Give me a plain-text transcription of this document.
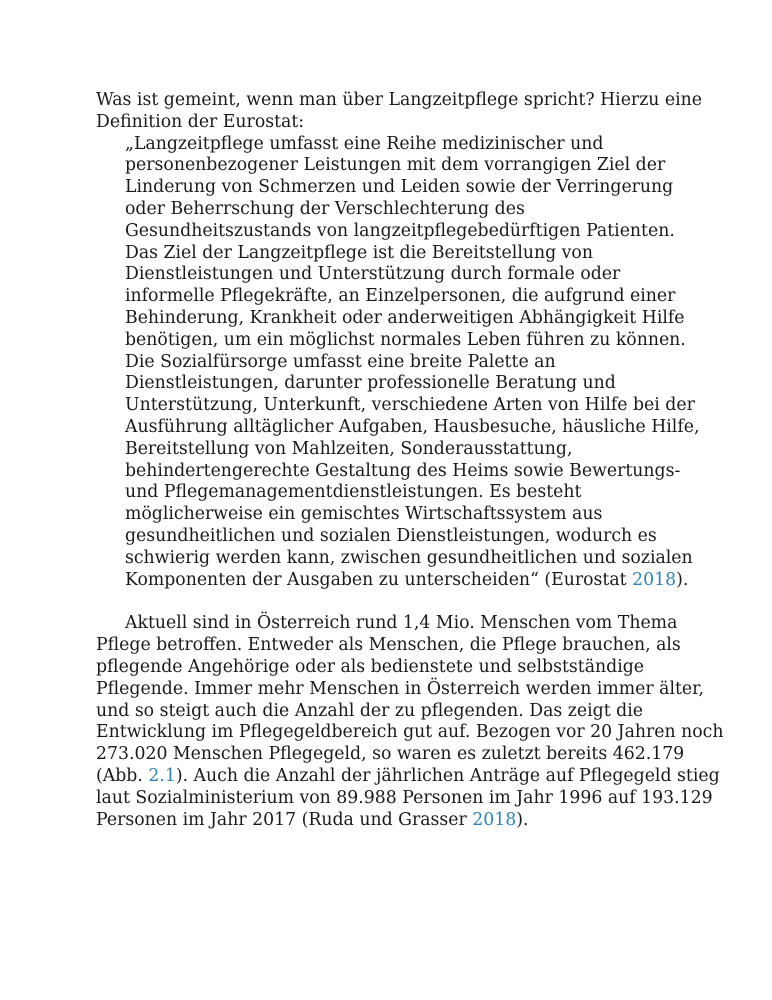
Was ist gemeint, wenn man über Langzeitpflege spricht? Hierzu eine
Definition der Eurostat:

„Langzeitpflege umfasst eine Reihe medizinischer und
personenbezogener Leistungen mit dem vorrangigen Ziel der
Linderung von Schmerzen und Leiden sowie der Verringerung
oder Beherrschung der Verschlechterung des
Gesundheitszustands von langzeitpflegebedürftigen Patienten.
Das Ziel der Langzeitpflege ist die Bereitstellung von
Dienstleistungen und Unterstützung durch formale oder
informelle Pflegekräfte, an Einzelpersonen, die aufgrund einer
Behinderung, Krankheit oder anderweitigen Abhängigkeit Hilfe
benötigen, um ein möglichst normales Leben führen zu können.
Die Sozialfürsorge umfasst eine breite Palette an
Dienstleistungen, darunter professionelle Beratung und
Unterstützung, Unterkunft, verschiedene Arten von Hilfe bei der
Ausführung alltäglicher Aufgaben, Hausbesuche, häusliche Hilfe,
Bereitstellung von Mahlzeiten, Sonderausstattung,
behindertengerechte Gestaltung des Heims sowie Bewertungs-
und Pflegemanagementdienstleistungen. Es besteht
möglicherweise ein gemischtes Wirtschaftssystem aus
gesundheitlichen und sozialen Dienstleistungen, wodurch es
schwierig werden kann, zwischen gesundheitlichen und sozialen
Komponenten der Ausgaben zu unterscheiden“ (Eurostat 2018).

Aktuell sind in Österreich rund 1,4 Mio. Menschen vom Thema
Pflege betroffen. Entweder als Menschen, die Pflege brauchen, als
pflegende Angehörige oder als bedienstete und selbstständige
Pflegende. Immer mehr Menschen in Österreich werden immer älter,
und so steigt auch die Anzahl der zu pflegenden. Das zeigt die
Entwicklung im Pflegegeldbereich gut auf. Bezogen vor 20 Jahren noch
273.020 Menschen Pflegegeld, so waren es zuletzt bereits 462.179
(Abb. 2.1). Auch die Anzahl der jährlichen Anträge auf Pflegegeld stieg
laut Sozialministerium von 89.988 Personen im Jahr 1996 auf 193.129
Personen im Jahr 2017 (Ruda und Grasser 2018).
